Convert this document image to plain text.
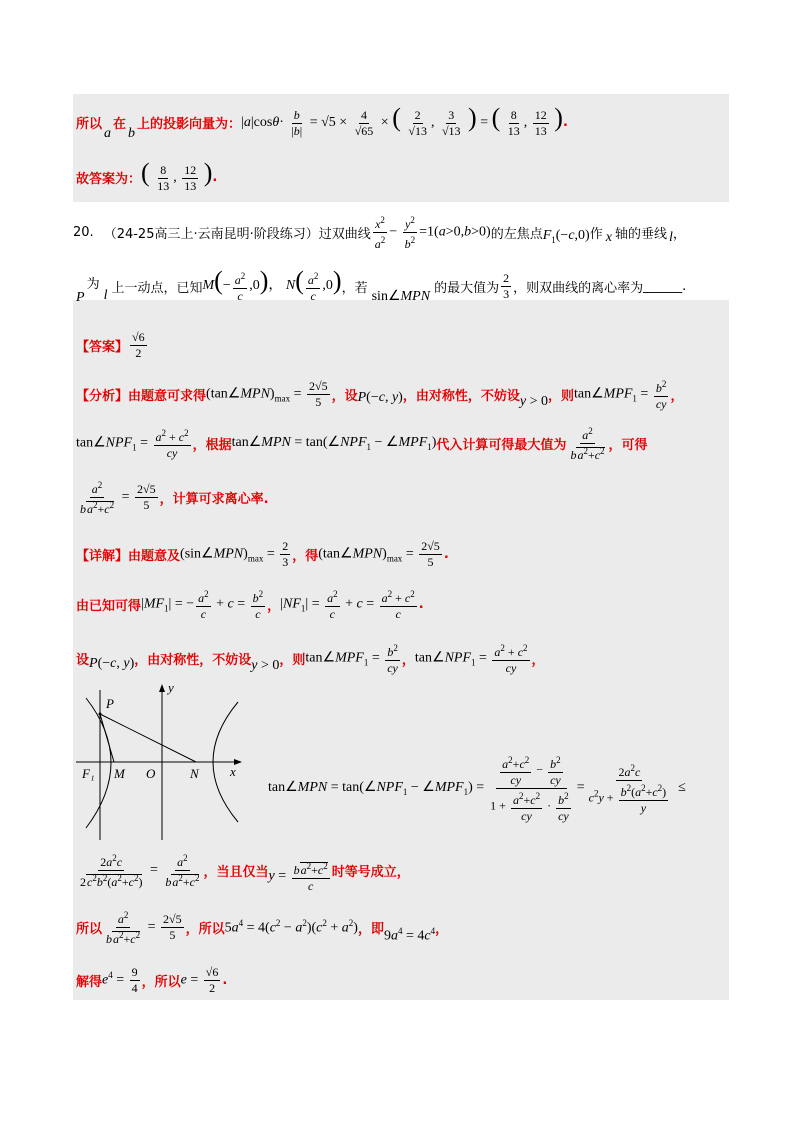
所以
a
在
b
上的投影向量为： $|a|\cos\theta\cdot \frac{b}{|b|} = √5 \times \frac{4}{√65}$ × ( $\frac{2}{√13}$ , $\frac{3}{√13}$ ) = ( $\frac{8}{13}$ , $\frac{12}{13}$ ) .
故答案为： ( $\frac{8}{13}$ , $\frac{12}{13}$ ) .
20. （24-25高三上·云南昆明·阶段练习） 过双曲线 $\frac{x^2}{a^2} - \frac{y^2}{b^2} =1(a>0,b>0)$ 的左焦点 $F_1(-c,0)$ 作 x 轴的垂线 l ，
P
为
l 上一动点，已知 $M(- \frac{a^2}{c} ,0)$， $N( \frac{a^2}{c} ,0)$ ，若
sin∠MPN
的最大值为 $\frac{2}{3}$ ，则双曲线的离心率为 ______.
【答案】 $\frac{√6}{2}$
【分析】 由题意可求得 $(\tan\angle MPN)_{max} = \frac{2√5}{5}$ ，设 P(−c, y) ，由对称性，不妨设 y > 0 ，则 $\tan\angle MPF_1 = \frac{b^2}{cy}$ ，
$\tan\angle NPF_1 = \frac{a^2 + c^2}{cy}$ ，根据 tan∠MPN = $\tan(\angle NPF_1$ − $\angle MPF_1$) 代入计算可得最大值为 $\frac{a^2}{ba^2+c^2}$ ，可得
$\frac{a^2}{ba^2+c^2} = \frac{2√5}{5}$ ，计算可求离心率.
【详解】 由题意及 $(\sin\angle MPN)_{max} = \frac{2}{3}$ ，得 $(\tan\angle MPN)_{max} = \frac{2√5}{5}$ .
由已知可得 $|MF_1|$ = − $\frac{a^2}{c} + c = \frac{b^2}{c}$ ， $|NF_1| = \frac{a^2}{c} + c = \frac{a^2 + c^2}{c}$ .
设 P(−c, y) ，由对称性，不妨设 y > 0 ，则 $\tan\angle MPF_1 = \frac{b^2}{cy}$ ， $\tan\angle NPF_1 = \frac{a^2 + c^2}{cy}$ ，
y
P
F₁ M O	N x
tan∠MPN = $\tan(\angle NPF_1$ − $\angle MPF_1) = \frac{\frac{a^2+c^2}{cy} - \frac{b^2}{cy}}{1 + \frac{a^2+c^2}{cy} \cdot \frac{b^2}{cy}} = \frac{2a^2c}{c^2y + \frac{b^2(a^2+c^2)}{y}}$ ≤
$\frac{2a^2c}{2c^2b^2(a^2+c^2)} = \frac{a^2}{ba^2+c^2}$ ，当且仅当 $y = \frac{ba^2+c^2}{c}$ 时等号成立，
所以 $\frac{a^2}{ba^2+c^2} = \frac{2√5}{5}$ ，所以 $5a^4 = 4(c^2 - a^2)(c^2 + a^2)$ ，即 $9a^4 = 4c^4$ ，
解得 $e^4 = \frac{9}{4}$ ，所以 $e = \frac{√6}{2}$ .
